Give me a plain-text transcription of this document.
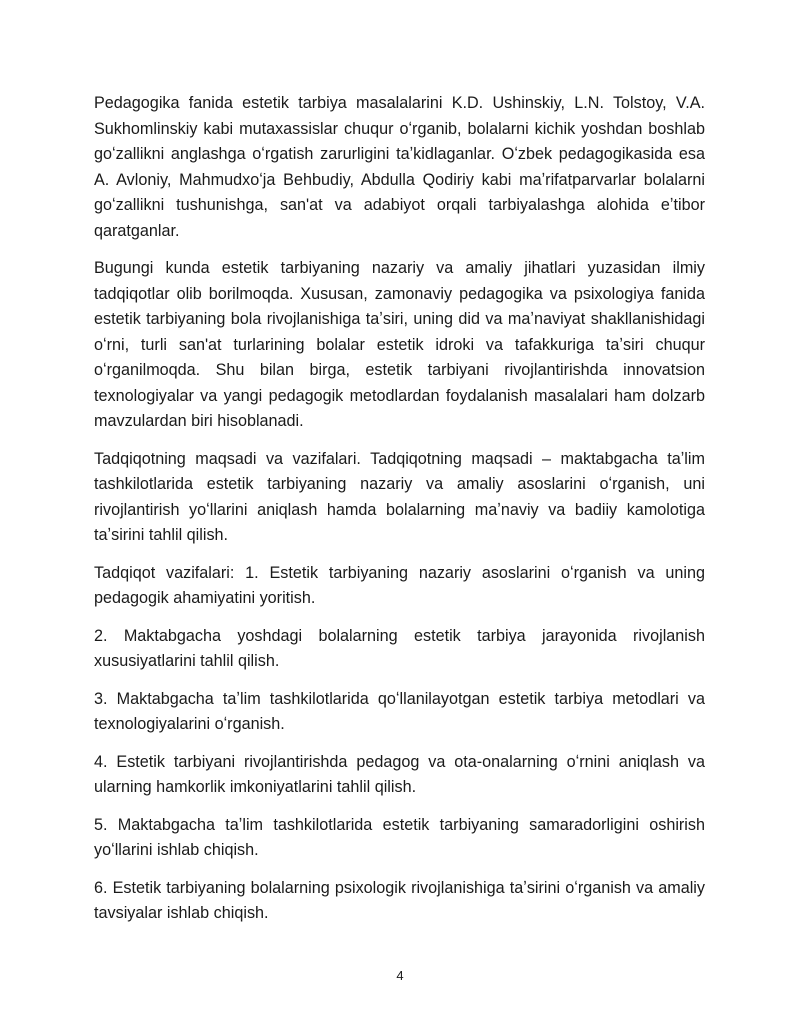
Pedagogika fanida estetik tarbiya masalalarini K.D. Ushinskiy, L.N. Tolstoy, V.A. Sukhomlinskiy kabi mutaxassislar chuqur oʻrganib, bolalarni kichik yoshdan boshlab goʻzallikni anglashga oʻrgatish zarurligini taʼkidlaganlar. Oʻzbek pedagogikasida esa A. Avloniy, Mahmudxoʻja Behbudiy, Abdulla Qodiriy kabi maʼrifatparvarlar bolalarni goʻzallikni tushunishga, san'at va adabiyot orqali tarbiyalashga alohida eʼtibor qaratganlar.

Bugungi kunda estetik tarbiyaning nazariy va amaliy jihatlari yuzasidan ilmiy tadqiqotlar olib borilmoqda. Xususan, zamonaviy pedagogika va psixologiya fanida estetik tarbiyaning bola rivojlanishiga taʼsiri, uning did va maʼnaviyat shakllanishidagi oʻrni, turli san'at turlarining bolalar estetik idroki va tafakkuriga taʼsiri chuqur oʻrganilmoqda. Shu bilan birga, estetik tarbiyani rivojlantirishda innovatsion texnologiyalar va yangi pedagogik metodlardan foydalanish masalalari ham dolzarb mavzulardan biri hisoblanadi.

Tadqiqotning maqsadi va vazifalari. Tadqiqotning maqsadi – maktabgacha taʼlim tashkilotlarida estetik tarbiyaning nazariy va amaliy asoslarini oʻrganish, uni rivojlantirish yoʻllarini aniqlash hamda bolalarning maʼnaviy va badiiy kamolotiga taʼsirini tahlil qilish.

Tadqiqot vazifalari: 1. Estetik tarbiyaning nazariy asoslarini oʻrganish va uning pedagogik ahamiyatini yoritish.

2. Maktabgacha yoshdagi bolalarning estetik tarbiya jarayonida rivojlanish xususiyatlarini tahlil qilish.

3. Maktabgacha taʼlim tashkilotlarida qoʻllanilayotgan estetik tarbiya metodlari va texnologiyalarini oʻrganish.

4. Estetik tarbiyani rivojlantirishda pedagog va ota-onalarning oʻrnini aniqlash va ularning hamkorlik imkoniyatlarini tahlil qilish.

5. Maktabgacha taʼlim tashkilotlarida estetik tarbiyaning samaradorligini oshirish yoʻllarini ishlab chiqish.

6. Estetik tarbiyaning bolalarning psixologik rivojlanishiga taʼsirini oʻrganish va amaliy tavsiyalar ishlab chiqish.

4
